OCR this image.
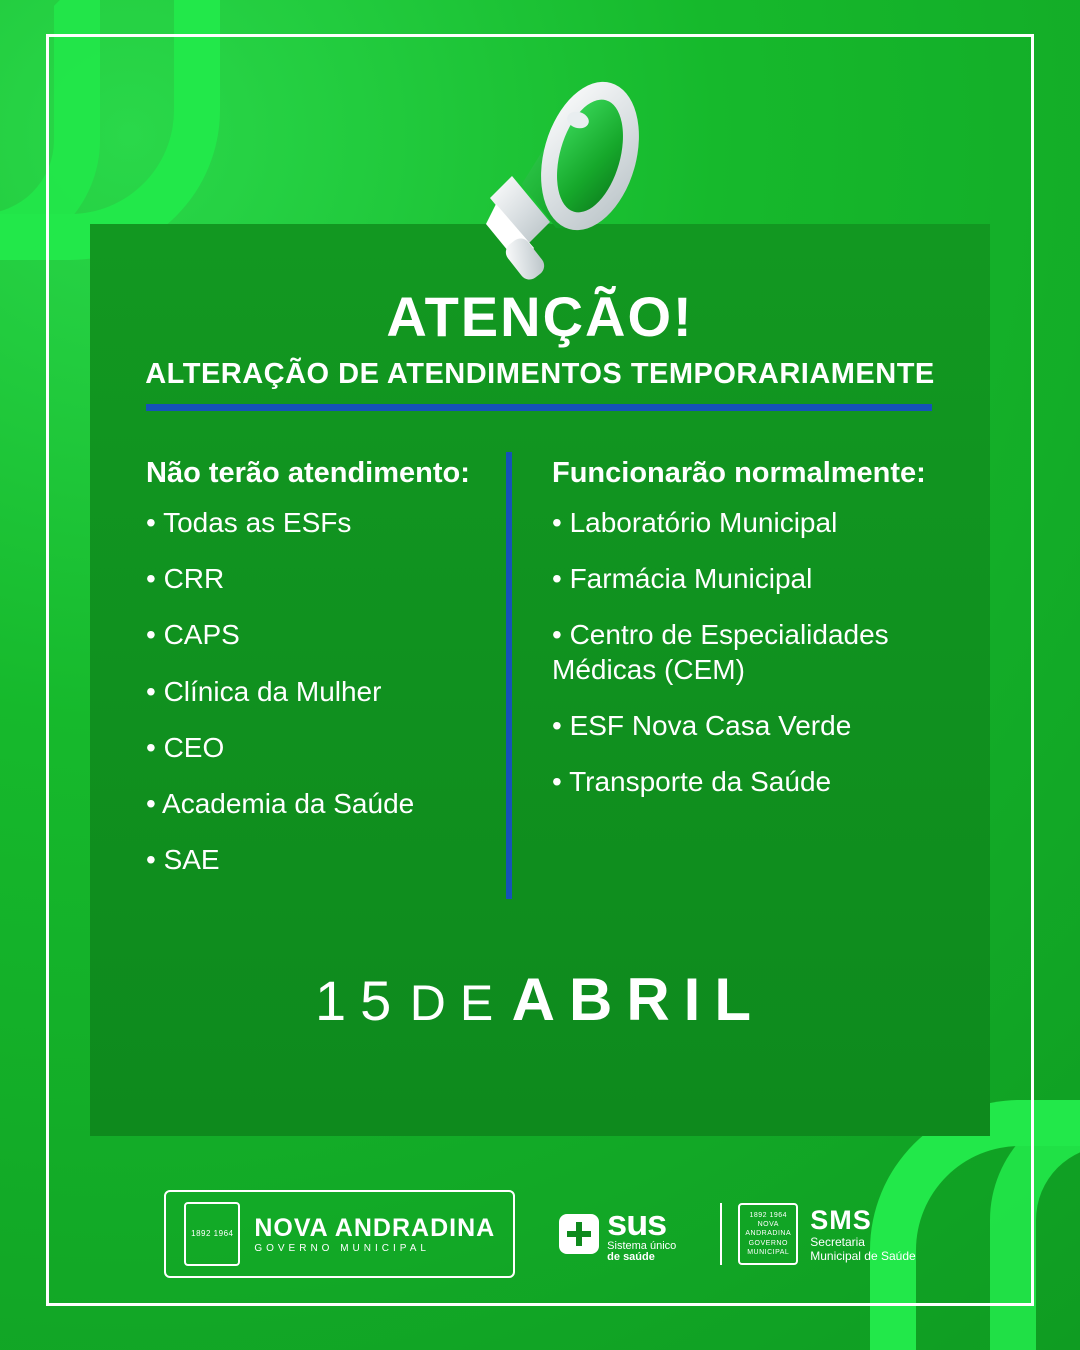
ATENÇÃO!
ALTERAÇÃO DE ATENDIMENTOS TEMPORARIAMENTE
Não terão atendimento:
• Todas as ESFs
• CRR
• CAPS
• Clínica da Mulher
• CEO
• Academia da Saúde
• SAE
Funcionarão normalmente:
• Laboratório Municipal
• Farmácia Municipal
• Centro de Especialidades Médicas (CEM)
• ESF Nova Casa Verde
• Transporte da Saúde
15 DE ABRIL
1892 1964 NOVA ANDRADINA
GOVERNO MUNICIPAL
sus
Sistema único
de saúde
1892 1964
NOVA ANDRADINA
GOVERNO MUNICIPAL
SMS
Secretaria
Municipal de Saúde
